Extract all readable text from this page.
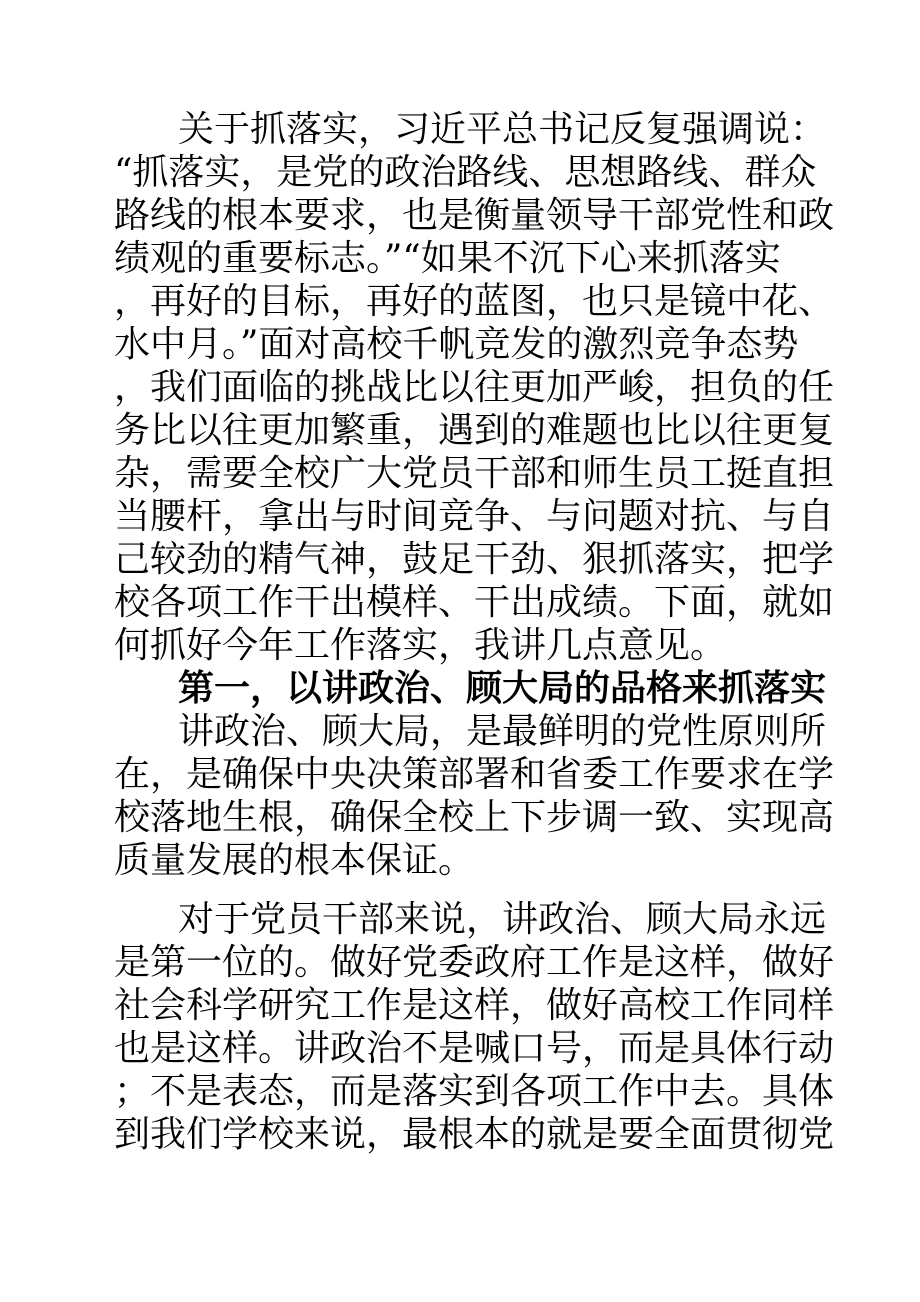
关于抓落实，习近平总书记反复强调说：
“抓落实，是党的政治路线、思想路线、群众
路线的根本要求，也是衡量领导干部党性和政
绩观的重要标志。”“如果不沉下心来抓落实
，再好的目标，再好的蓝图，也只是镜中花、
水中月。”面对高校千帆竞发的激烈竞争态势
，我们面临的挑战比以往更加严峻，担负的任
务比以往更加繁重，遇到的难题也比以往更复
杂，需要全校广大党员干部和师生员工挺直担
当腰杆，拿出与时间竞争、与问题对抗、与自
己较劲的精气神，鼓足干劲、狠抓落实，把学
校各项工作干出模样、干出成绩。下面，就如
何抓好今年工作落实，我讲几点意见。
第一，以讲政治、顾大局的品格来抓落实
讲政治、顾大局，是最鲜明的党性原则所
在，是确保中央决策部署和省委工作要求在学
校落地生根，确保全校上下步调一致、实现高
质量发展的根本保证。
对于党员干部来说，讲政治、顾大局永远
是第一位的。做好党委政府工作是这样，做好
社会科学研究工作是这样，做好高校工作同样
也是这样。讲政治不是喊口号，而是具体行动
；不是表态，而是落实到各项工作中去。具体
到我们学校来说，最根本的就是要全面贯彻党
